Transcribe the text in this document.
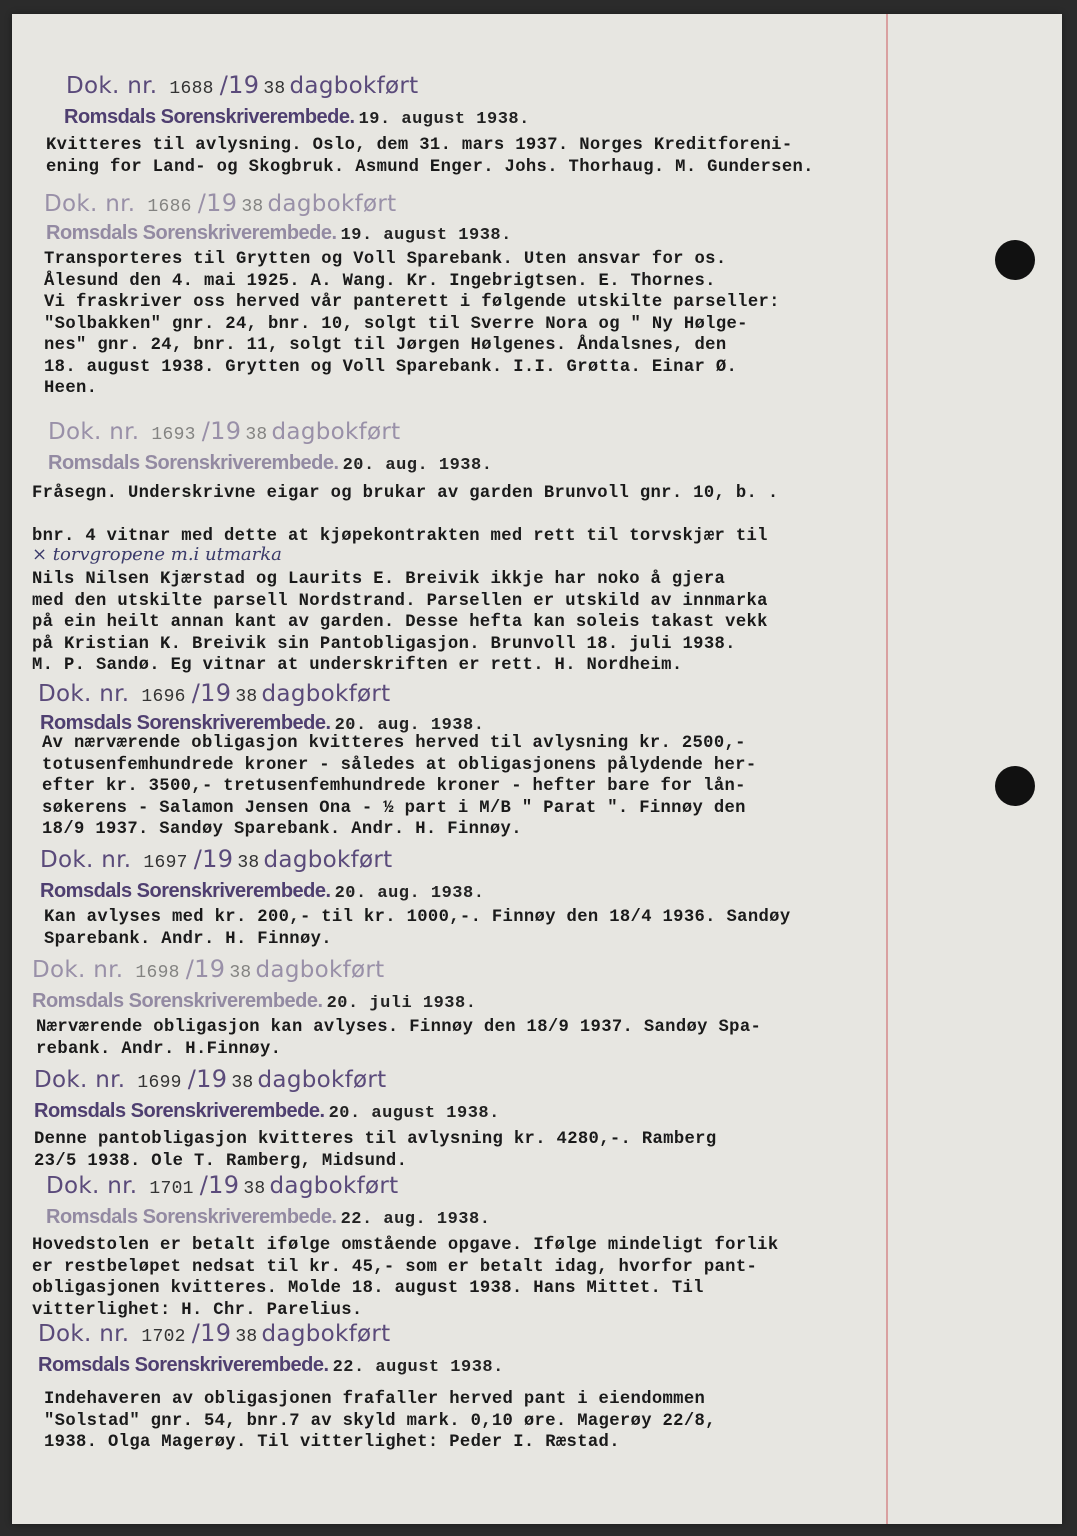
Dok. nr. 1688 /19 38 dagbokført
Romsdals Sorenskriverembede. 19. august 1938.
Kvitteres til avlysning. Oslo, dem 31. mars 1937. Norges Kreditforeni-
ening for Land- og Skogbruk. Asmund Enger. Johs. Thorhaug. M. Gundersen.
Dok. nr. 1686 /19 38 dagbokført
Romsdals Sorenskriverembede. 19. august 1938.
Transporteres til Grytten og Voll Sparebank. Uten ansvar for os.
Ålesund den 4. mai 1925. A. Wang. Kr. Ingebrigtsen. E. Thornes.
Vi fraskriver oss herved vår panterett i følgende utskilte parseller:
"Solbakken" gnr. 24, bnr. 10, solgt til Sverre Nora og " Ny Hølge-
nes" gnr. 24, bnr. 11, solgt til Jørgen Hølgenes. Åndalsnes, den
18. august 1938. Grytten og Voll Sparebank. I.I. Grøtta. Einar Ø.
Heen.
Dok. nr. 1693 /19 38 dagbokført
Romsdals Sorenskriverembede. 20. aug. 1938.
Fråsegn. Underskrivne eigar og brukar av garden Brunvoll gnr. 10, b. .
bnr. 4 vitnar med dette at kjøpekontrakten med rett til torvskjær til
Nils Nilsen Kjærstad og Laurits E. Breivik ikkje har noko å gjera
med den utskilte parsell Nordstrand. Parsellen er utskild av innmarka
på ein heilt annan kant av garden. Desse hefta kan soleis takast vekk
på Kristian K. Breivik sin Pantobligasjon. Brunvoll 18. juli 1938.
M. P. Sandø. Eg vitnar at underskriften er rett. H. Nordheim.
× torvgropene m.i utmarka
Dok. nr. 1696 /19 38 dagbokført
Romsdals Sorenskriverembede. 20. aug. 1938.
Av nærværende obligasjon kvitteres herved til avlysning kr. 2500,-
totusenfemhundrede kroner - således at obligasjonens pålydende her-
efter kr. 3500,- tretusenfemhundrede kroner - hefter bare for lån-
søkerens - Salamon Jensen Ona - ½ part i M/B " Parat ". Finnøy den
18/9 1937. Sandøy Sparebank. Andr. H. Finnøy.
Dok. nr. 1697 /19 38 dagbokført
Romsdals Sorenskriverembede. 20. aug. 1938.
Kan avlyses med kr. 200,- til kr. 1000,-. Finnøy den 18/4 1936. Sandøy
Sparebank. Andr. H. Finnøy.
Dok. nr. 1698 /19 38 dagbokført
Romsdals Sorenskriverembede. 20. juli 1938.
Nærværende obligasjon kan avlyses. Finnøy den 18/9 1937. Sandøy Spa-
rebank. Andr. H.Finnøy.
Dok. nr. 1699 /19 38 dagbokført
Romsdals Sorenskriverembede. 20. august 1938.
Denne pantobligasjon kvitteres til avlysning kr. 4280,-. Ramberg
23/5 1938. Ole T. Ramberg, Midsund.
Dok. nr. 1701 /19 38 dagbokført
Romsdals Sorenskriverembede. 22. aug. 1938.
Hovedstolen er betalt ifølge omstående opgave. Ifølge mindeligt forlik
er restbeløpet nedsat til kr. 45,- som er betalt idag, hvorfor pant-
obligasjonen kvitteres. Molde 18. august 1938. Hans Mittet. Til
vitterlighet: H. Chr. Parelius.
Dok. nr. 1702 /19 38 dagbokført
Romsdals Sorenskriverembede. 22. august 1938.
Indehaveren av obligasjonen frafaller herved pant i eiendommen
"Solstad" gnr. 54, bnr.7 av skyld mark. 0,10 øre. Magerøy 22/8,
1938. Olga Magerøy. Til vitterlighet: Peder I. Ræstad.
